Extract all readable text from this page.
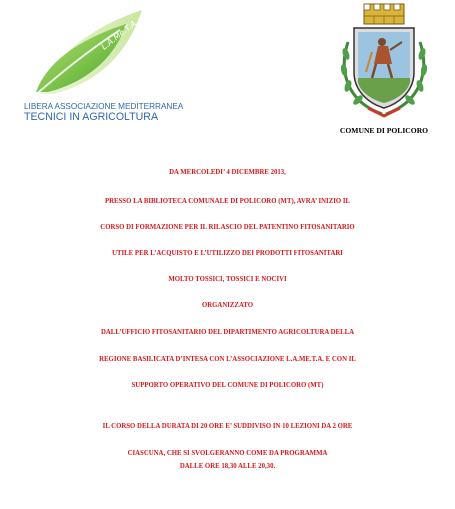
L.A.Me.T.A.
LIBERA ASSOCIAZIONE MEDITERRANEA
TECNICI IN AGRICOLTURA
COMUNE DI POLICORO
DA MERCOLEDI’ 4 DICEMBRE 2013,
PRESSO LA BIBLIOTECA COMUNALE DI POLICORO (MT), AVRA’ INIZIO IL
CORSO DI FORMAZIONE PER IL RILASCIO DEL PATENTINO FITOSANITARIO
UTILE PER L’ACQUISTO E L’UTILIZZO DEI PRODOTTI FITOSANITARI
MOLTO TOSSICI, TOSSICI E NOCIVI
ORGANIZZATO
DALL’UFFICIO FITOSANITARIO DEL DIPARTIMENTO AGRICOLTURA DELLA
REGIONE BASILICATA D’INTESA CON L’ASSOCIAZIONE L.A.ME.T.A. E CON IL
SUPPORTO OPERATIVO DEL COMUNE DI POLICORO (MT)
IL CORSO DELLA DURATA DI 20 ORE E’ SUDDIVISO IN 10 LEZIONI DA 2 ORE
CIASCUNA, CHE SI SVOLGERANNO COME DA PROGRAMMA
DALLE ORE 18,30 ALLE 20,30.
